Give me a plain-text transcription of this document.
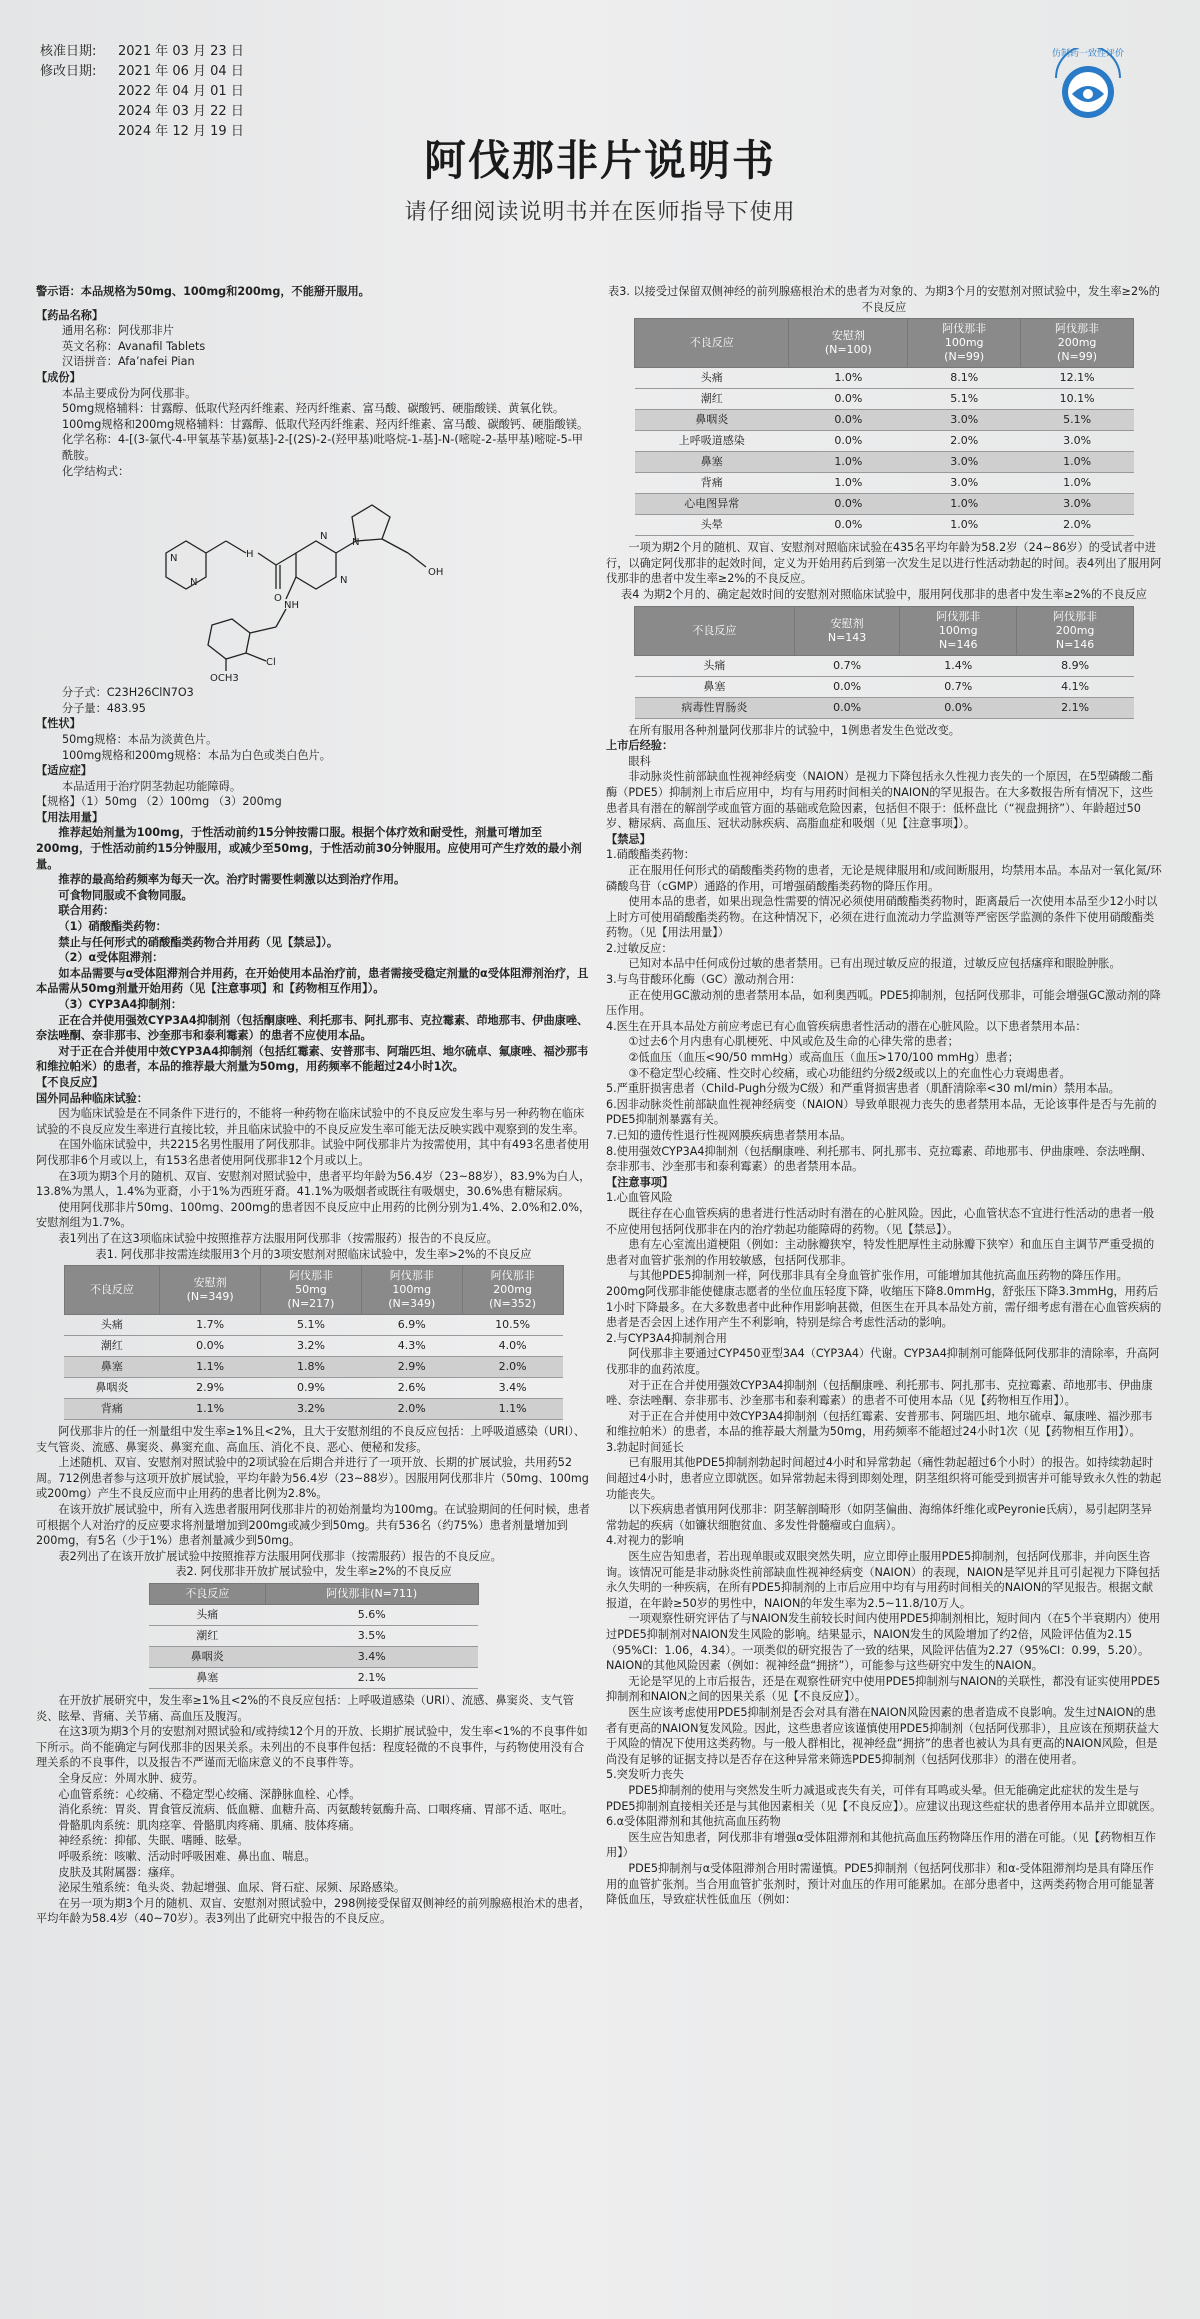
核准日期: 2021 年 03 月 23 日
修改日期: 2021 年 06 月 04 日
2022 年 04 月 01 日
2024 年 03 月 22 日
2024 年 12 月 19 日
仿制药一致性评价
阿伐那非片说明书
请仔细阅读说明书并在医师指导下使用

警示语：本品规格为50mg、100mg和200mg，不能掰开服用。

【药品名称】

通用名称：阿伐那非片

英文名称：Avanafil Tablets

汉语拼音：Afa’nafei Pian

【成份】

本品主要成份为阿伐那非。

50mg规格辅料：甘露醇、低取代羟丙纤维素、羟丙纤维素、富马酸、碳酸钙、硬脂酸镁、黄氧化铁。

100mg规格和200mg规格辅料：甘露醇、低取代羟丙纤维素、羟丙纤维素、富马酸、碳酸钙、硬脂酸镁。

化学名称：4-[(3-氯代-4-甲氧基苄基)氨基]-2-[(2S)-2-(羟甲基)吡咯烷-1-基]-N-(嘧啶-2-基甲基)嘧啶-5-甲酰胺。

化学结构式：

N
N
H
O
N
N
N
OH
NH
Cl
OCH3

分子式：C23H26ClN7O3

分子量：483.95

【性状】

50mg规格：本品为淡黄色片。

100mg规格和200mg规格：本品为白色或类白色片。

【适应症】

本品适用于治疗阴茎勃起功能障碍。

【规格】（1）50mg （2）100mg （3）200mg

【用法用量】

推荐起始剂量为100mg，于性活动前约15分钟按需口服。根据个体疗效和耐受性，剂量可增加至200mg，于性活动前约15分钟服用，或减少至50mg，于性活动前30分钟服用。应使用可产生疗效的最小剂量。

推荐的最高给药频率为每天一次。治疗时需要性刺激以达到治疗作用。

可食物同服或不食物同服。

联合用药：

（1）硝酸酯类药物：

禁止与任何形式的硝酸酯类药物合并用药（见【禁忌】）。

（2）α受体阻滞剂：

如本品需要与α受体阻滞剂合并用药，在开始使用本品治疗前，患者需接受稳定剂量的α受体阻滞剂治疗，且本品需从50mg剂量开始用药（见【注意事项】和【药物相互作用】）。

（3）CYP3A4抑制剂：

正在合并使用强效CYP3A4抑制剂（包括酮康唑、利托那韦、阿扎那韦、克拉霉素、茚地那韦、伊曲康唑、奈法唑酮、奈非那韦、沙奎那韦和泰利霉素）的患者不应使用本品。

对于正在合并使用中效CYP3A4抑制剂（包括红霉素、安普那韦、阿瑞匹坦、地尔硫卓、氟康唑、福沙那韦和维拉帕米）的患者，本品的推荐最大剂量为50mg，用药频率不能超过24小时1次。

【不良反应】

国外同品种临床试验：

因为临床试验是在不同条件下进行的，不能将一种药物在临床试验中的不良反应发生率与另一种药物在临床试验的不良反应发生率进行直接比较，并且临床试验中的不良反应发生率可能无法反映实践中观察到的发生率。

在国外临床试验中，共2215名男性服用了阿伐那非。试验中阿伐那非片为按需使用，其中有493名患者使用阿伐那非6个月或以上，有153名患者使用阿伐那非12个月或以上。

在3项为期3个月的随机、双盲、安慰剂对照试验中，患者平均年龄为56.4岁（23~88岁），83.9%为白人，13.8%为黑人，1.4%为亚裔，小于1%为西班牙裔。41.1%为吸烟者或既往有吸烟史，30.6%患有糖尿病。

使用阿伐那非片50mg、100mg、200mg的患者因不良反应中止用药的比例分别为1.4%、2.0%和2.0%，安慰剂组为1.7%。

表1列出了在这3项临床试验中按照推荐方法服用阿伐那非（按需服药）报告的不良反应。

表1. 阿伐那非按需连续服用3个月的3项安慰剂对照临床试验中，发生率>2%的不良反应

不良反应	安慰剂
(N=349)	阿伐那非
50mg
(N=217)	阿伐那非
100mg
(N=349)	阿伐那非
200mg
(N=352)
头痛	1.7%	5.1%	6.9%	10.5%
潮红	0.0%	3.2%	4.3%	4.0%
鼻塞	1.1%	1.8%	2.9%	2.0%
鼻咽炎	2.9%	0.9%	2.6%	3.4%
背痛	1.1%	3.2%	2.0%	1.1%

阿伐那非片的任一剂量组中发生率≥1%且<2%，且大于安慰剂组的不良反应包括：上呼吸道感染（URI）、支气管炎、流感、鼻窦炎、鼻窦充血、高血压、消化不良、恶心、便秘和发疹。

上述随机、双盲、安慰剂对照试验中的2项试验在后期合并进行了一项开放、长期的扩展试验，共用药52周。712例患者参与这项开放扩展试验，平均年龄为56.4岁（23~88岁）。因服用阿伐那非片（50mg、100mg或200mg）产生不良反应而中止用药的患者比例为2.8%。

在该开放扩展试验中，所有入选患者服用阿伐那非片的初始剂量均为100mg。在试验期间的任何时候，患者可根据个人对治疗的反应要求将剂量增加到200mg或减少到50mg。共有536名（约75%）患者剂量增加到200mg，有5名（少于1%）患者剂量减少到50mg。

表2列出了在该开放扩展试验中按照推荐方法服用阿伐那非（按需服药）报告的不良反应。

表2. 阿伐那非开放扩展试验中，发生率≥2%的不良反应

不良反应	阿伐那非(N=711)
头痛	5.6%
潮红	3.5%
鼻咽炎	3.4%
鼻塞	2.1%

在开放扩展研究中，发生率≥1%且<2%的不良反应包括：上呼吸道感染（URI）、流感、鼻窦炎、支气管炎、眩晕、背痛、关节痛、高血压及腹泻。

在这3项为期3个月的安慰剂对照试验和/或持续12个月的开放、长期扩展试验中，发生率<1%的不良事件如下所示。尚不能确定与阿伐那非的因果关系。未列出的不良事件包括：程度轻微的不良事件，与药物使用没有合理关系的不良事件，以及报告不严谨而无临床意义的不良事件等。

全身反应：外周水肿、疲劳。

心血管系统：心绞痛、不稳定型心绞痛、深静脉血栓、心悸。

消化系统：胃炎、胃食管反流病、低血糖、血糖升高、丙氨酸转氨酶升高、口咽疼痛、胃部不适、呕吐。

骨骼肌肉系统：肌肉痉挛、骨骼肌肉疼痛、肌痛、肢体疼痛。

神经系统：抑郁、失眠、嗜睡、眩晕。

呼吸系统：咳嗽、活动时呼吸困难、鼻出血、喘息。

皮肤及其附属器：瘙痒。

泌尿生殖系统：龟头炎、勃起增强、血尿、肾石症、尿频、尿路感染。

在另一项为期3个月的随机、双盲、安慰剂对照试验中，298例接受保留双侧神经的前列腺癌根治术的患者，平均年龄为58.4岁（40~70岁）。表3列出了此研究中报告的不良反应。

表3. 以接受过保留双侧神经的前列腺癌根治术的患者为对象的、为期3个月的安慰剂对照试验中，发生率≥2%的不良反应

不良反应	安慰剂
(N=100)	阿伐那非
100mg
(N=99)	阿伐那非
200mg
(N=99)
头痛	1.0%	8.1%	12.1%
潮红	0.0%	5.1%	10.1%
鼻咽炎	0.0%	3.0%	5.1%
上呼吸道感染	0.0%	2.0%	3.0%
鼻塞	1.0%	3.0%	1.0%
背痛	1.0%	3.0%	1.0%
心电图异常	0.0%	1.0%	3.0%
头晕	0.0%	1.0%	2.0%

一项为期2个月的随机、双盲、安慰剂对照临床试验在435名平均年龄为58.2岁（24~86岁）的受试者中进行，以确定阿伐那非的起效时间，定义为开始用药后到第一次发生足以进行性活动勃起的时间。表4列出了服用阿伐那非的患者中发生率≥2%的不良反应。

表4 为期2个月的、确定起效时间的安慰剂对照临床试验中，服用阿伐那非的患者中发生率≥2%的不良反应

不良反应	安慰剂
N=143	阿伐那非
100mg
N=146	阿伐那非
200mg
N=146
头痛	0.7%	1.4%	8.9%
鼻塞	0.0%	0.7%	4.1%
病毒性胃肠炎	0.0%	0.0%	2.1%

在所有服用各种剂量阿伐那非片的试验中，1例患者发生色觉改变。

上市后经验：

眼科

非动脉炎性前部缺血性视神经病变（NAION）是视力下降包括永久性视力丧失的一个原因，在5型磷酸二酯酶（PDE5）抑制剂上市后应用中，均有与用药时间相关的NAION的罕见报告。在大多数报告所有情况下，这些患者具有潜在的解剖学或血管方面的基础或危险因素，包括但不限于：低杯盘比（“视盘拥挤”）、年龄超过50岁、糖尿病、高血压、冠状动脉疾病、高脂血症和吸烟（见【注意事项】）。

【禁忌】

1.硝酸酯类药物：

正在服用任何形式的硝酸酯类药物的患者，无论是规律服用和/或间断服用，均禁用本品。本品对一氧化氮/环磷酸鸟苷（cGMP）通路的作用，可增强硝酸酯类药物的降压作用。

使用本品的患者，如果出现急性需要的情况必须使用硝酸酯类药物时，距离最后一次使用本品至少12小时以上时方可使用硝酸酯类药物。在这种情况下，必须在进行血流动力学监测等严密医学监测的条件下使用硝酸酯类药物。（见【用法用量】）

2.过敏反应：

已知对本品中任何成份过敏的患者禁用。已有出现过敏反应的报道，过敏反应包括瘙痒和眼睑肿胀。

3.与鸟苷酸环化酶（GC）激动剂合用：

正在使用GC激动剂的患者禁用本品，如利奥西呱。PDE5抑制剂，包括阿伐那非，可能会增强GC激动剂的降压作用。

4.医生在开具本品处方前应考虑已有心血管疾病患者性活动的潜在心脏风险。以下患者禁用本品：

①过去6个月内患有心肌梗死、中风或危及生命的心律失常的患者；

②低血压（血压<90/50 mmHg）或高血压（血压>170/100 mmHg）患者；

③不稳定型心绞痛、性交时心绞痛，或心功能纽约分级2级或以上的充血性心力衰竭患者。

5.严重肝损害患者（Child-Pugh分级为C级）和严重肾损害患者（肌酐清除率<30 ml/min）禁用本品。

6.因非动脉炎性前部缺血性视神经病变（NAION）导致单眼视力丧失的患者禁用本品，无论该事件是否与先前的PDE5抑制剂暴露有关。

7.已知的遗传性退行性视网膜疾病患者禁用本品。

8.使用强效CYP3A4抑制剂（包括酮康唑、利托那韦、阿扎那韦、克拉霉素、茚地那韦、伊曲康唑、奈法唑酮、奈非那韦、沙奎那韦和泰利霉素）的患者禁用本品。

【注意事项】

1.心血管风险

既往存在心血管疾病的患者进行性活动时有潜在的心脏风险。因此，心血管状态不宜进行性活动的患者一般不应使用包括阿伐那非在内的治疗勃起功能障碍的药物。（见【禁忌】）。

患有左心室流出道梗阻（例如：主动脉瓣狭窄，特发性肥厚性主动脉瓣下狭窄）和血压自主调节严重受损的患者对血管扩张剂的作用较敏感，包括阿伐那非。

与其他PDE5抑制剂一样，阿伐那非具有全身血管扩张作用，可能增加其他抗高血压药物的降压作用。200mg阿伐那非能使健康志愿者的坐位血压轻度下降，收缩压下降8.0mmHg，舒张压下降3.3mmHg，用药后1小时下降最多。在大多数患者中此种作用影响甚微，但医生在开具本品处方前，需仔细考虑有潜在心血管疾病的患者是否会因上述作用产生不利影响，特别是综合考虑性活动的影响。

2.与CYP3A4抑制剂合用

阿伐那非主要通过CYP450亚型3A4（CYP3A4）代谢。CYP3A4抑制剂可能降低阿伐那非的清除率，升高阿伐那非的血药浓度。

对于正在合并使用强效CYP3A4抑制剂（包括酮康唑、利托那韦、阿扎那韦、克拉霉素、茚地那韦、伊曲康唑、奈法唑酮、奈非那韦、沙奎那韦和泰利霉素）的患者不可使用本品（见【药物相互作用】）。

对于正在合并使用中效CYP3A4抑制剂（包括红霉素、安普那韦、阿瑞匹坦、地尔硫卓、氟康唑、福沙那韦和维拉帕米）的患者，本品的推荐最大剂量为50mg，用药频率不能超过24小时1次（见【药物相互作用】）。

3.勃起时间延长

已有服用其他PDE5抑制剂勃起时间超过4小时和异常勃起（痛性勃起超过6个小时）的报告。如持续勃起时间超过4小时，患者应立即就医。如异常勃起未得到即刻处理，阴茎组织将可能受到损害并可能导致永久性的勃起功能丧失。

以下疾病患者慎用阿伐那非：阴茎解剖畸形（如阴茎偏曲、海绵体纤维化或Peyronie氏病），易引起阴茎异常勃起的疾病（如镰状细胞贫血、多发性骨髓瘤或白血病）。

4.对视力的影响

医生应告知患者，若出现单眼或双眼突然失明，应立即停止服用PDE5抑制剂，包括阿伐那非，并向医生咨询。该情况可能是非动脉炎性前部缺血性视神经病变（NAION）的表现，NAION是罕见并且可引起视力下降包括永久失明的一种疾病，在所有PDE5抑制剂的上市后应用中均有与用药时间相关的NAION的罕见报告。根据文献报道，在年龄≥50岁的男性中，NAION的年发生率为2.5~11.8/10万人。

一项观察性研究评估了与NAION发生前较长时间内使用PDE5抑制剂相比，短时间内（在5个半衰期内）使用过PDE5抑制剂对NAION发生风险的影响。结果显示，NAION发生的风险增加了约2倍，风险评估值为2.15（95%CI：1.06，4.34）。一项类似的研究报告了一致的结果，风险评估值为2.27（95%CI：0.99，5.20）。NAION的其他风险因素（例如：视神经盘“拥挤”），可能参与这些研究中发生的NAION。

无论是罕见的上市后报告，还是在观察性研究中使用PDE5抑制剂与NAION的关联性，都没有证实使用PDE5抑制剂和NAION之间的因果关系（见【不良反应】）。

医生应该考虑使用PDE5抑制剂是否会对具有潜在NAION风险因素的患者造成不良影响。发生过NAION的患者有更高的NAION复发风险。因此，这些患者应该谨慎使用PDE5抑制剂（包括阿伐那非），且应该在预期获益大于风险的情况下使用这类药物。与一般人群相比，视神经盘“拥挤”的患者也被认为具有更高的NAION风险，但是尚没有足够的证据支持以是否存在这种异常来筛选PDE5抑制剂（包括阿伐那非）的潜在使用者。

5.突发听力丧失

PDE5抑制剂的使用与突然发生听力减退或丧失有关，可伴有耳鸣或头晕。但无能确定此症状的发生是与PDE5抑制剂直接相关还是与其他因素相关（见【不良反应】）。应建议出现这些症状的患者停用本品并立即就医。

6.α受体阻滞剂和其他抗高血压药物

医生应告知患者，阿伐那非有增强α受体阻滞剂和其他抗高血压药物降压作用的潜在可能。（见【药物相互作用】）

PDE5抑制剂与α受体阻滞剂合用时需谨慎。PDE5抑制剂（包括阿伐那非）和α-受体阻滞剂均是具有降压作用的血管扩张剂。当合用血管扩张剂时，预计对血压的作用可能累加。在部分患者中，这两类药物合用可能显著降低血压，导致症状性低血压（例如：
